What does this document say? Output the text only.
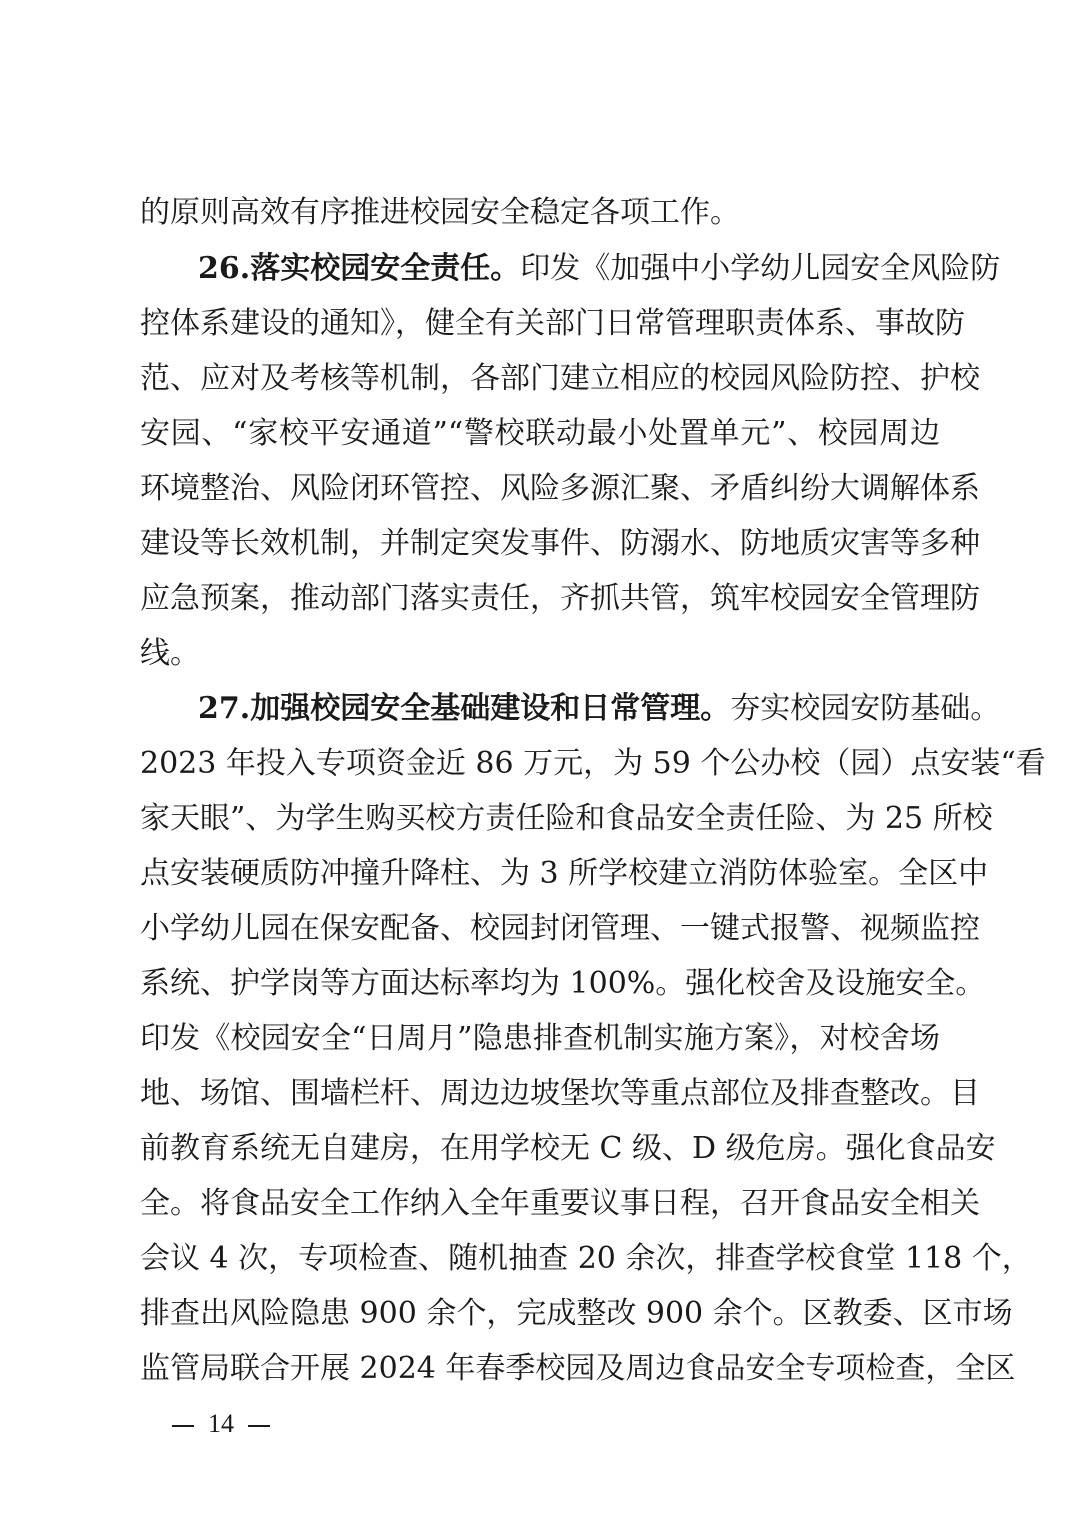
的原则高效有序推进校园安全稳定各项工作。
26.落实校园安全责任。印发《加强中小学幼儿园安全风险防
控体系建设的通知》，健全有关部门日常管理职责体系、事故防
范、应对及考核等机制，各部门建立相应的校园风险防控、护校
安园、“家校平安通道”“警校联动最小处置单元”、校园周边
环境整治、风险闭环管控、风险多源汇聚、矛盾纠纷大调解体系
建设等长效机制，并制定突发事件、防溺水、防地质灾害等多种
应急预案，推动部门落实责任，齐抓共管，筑牢校园安全管理防
线。
27.加强校园安全基础建设和日常管理。夯实校园安防基础。
2023 年投入专项资金近 86 万元，为 59 个公办校（园）点安装“看
家天眼”、为学生购买校方责任险和食品安全责任险、为 25 所校
点安装硬质防冲撞升降柱、为 3 所学校建立消防体验室。全区中
小学幼儿园在保安配备、校园封闭管理、一键式报警、视频监控
系统、护学岗等方面达标率均为 100%。强化校舍及设施安全。
印发《校园安全“日周月”隐患排查机制实施方案》，对校舍场
地、场馆、围墙栏杆、周边边坡堡坎等重点部位及排查整改。目
前教育系统无自建房，在用学校无 C 级、D 级危房。强化食品安
全。将食品安全工作纳入全年重要议事日程，召开食品安全相关
会议 4 次，专项检查、随机抽查 20 余次，排查学校食堂 118 个，
排查出风险隐患 900 余个，完成整改 900 余个。区教委、区市场
监管局联合开展 2024 年春季校园及周边食品安全专项检查，全区
14
